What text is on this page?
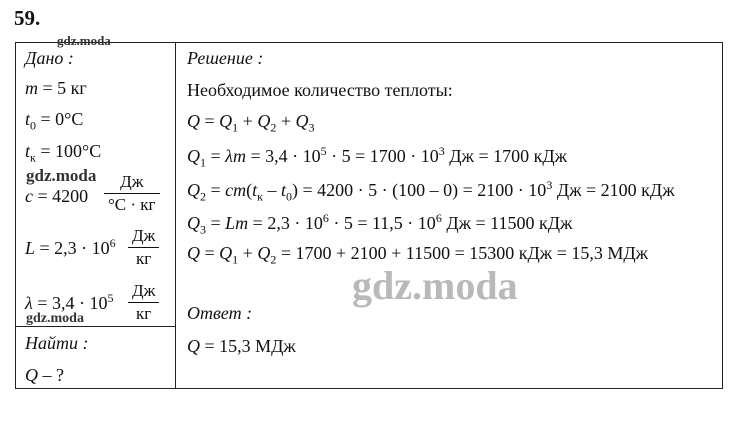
59.
Дано :
m = 5 кг
$t_0 = 0^\circ C$
$t_к = 100^\circ C$
c = 4200
Дж
°C · кг
$L = 2,3 \cdot 10^6$ Дж
кг
$\lambda = 3,4 \cdot 10^5$ Дж
кг
Найти :
Q – ?
Решение :
Необходимое количество теплоты:
$Q = Q_1 + Q_2 + Q_3$
$Q_1 = \lambda m = 3,4 \cdot 10^5 \cdot 5 = 1700 \cdot 10^3$ Дж = 1700 кДж
$Q_2 = cm(t_к - t_0) = 4200 \cdot 5 \cdot (100 - 0) = 2100 \cdot 10^3$ Дж = 2100 кДж
$Q_3 = Lm = 2,3 \cdot 10^6 \cdot 5 = 11,5 \cdot 10^6$ Дж = 11500 кДж
$Q = Q_1 + Q_2 = 1700 + 2100 + 11500 = 15300$ кДж = 15,3 МДж
Ответ :
Q = 15,3 МДж
gdz.moda
gdz.moda
gdz.moda
gdz.moda
